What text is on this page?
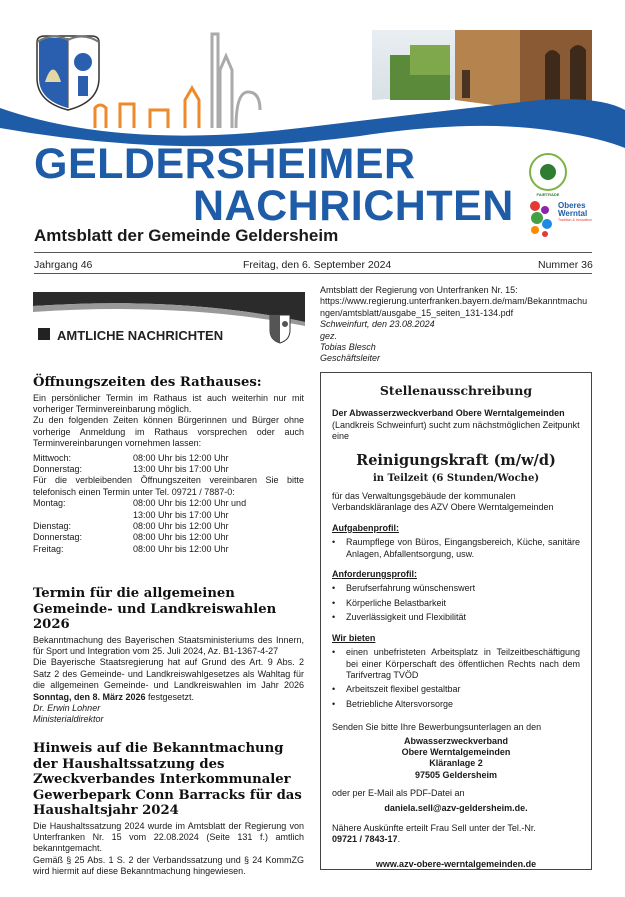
FAIRTRADE
Oberes
Werntal
Tradition & Innovation
GELDERSHEIMER
NACHRICHTEN
Amtsblatt der Gemeinde Geldersheim
Jahrgang 46	Freitag, den 6. September 2024	Nummer 36
AMTLICHE NACHRICHTEN
Öffnungszeiten des Rathauses:

Ein persönlicher Termin im Rathaus ist auch weiterhin nur mit vorheriger Terminvereinbarung möglich.

Zu den folgenden Zeiten können Bürgerinnen und Bürger ohne vorherige Anmeldung im Rathaus vorsprechen oder auch Terminvereinbarungen vornehmen lassen:

Mittwoch:	08:00 Uhr bis 12:00 Uhr
Donnerstag:	13:00 Uhr bis 17:00 Uhr

Für die verbleibenden Öffnungszeiten vereinbaren Sie bitte telefonisch einen Termin unter Tel. 09721 / 7887-0:

Montag:	08:00 Uhr bis 12:00 Uhr und
13:00 Uhr bis 17:00 Uhr
Dienstag:	08:00 Uhr bis 12:00 Uhr
Donnerstag:	08:00 Uhr bis 12:00 Uhr
Freitag:	08:00 Uhr bis 12:00 Uhr
Termin für die allgemeinen Gemeinde- und Landkreiswahlen 2026

Bekanntmachung des Bayerischen Staatsministeriums des Innern, für Sport und Integration vom 25. Juli 2024, Az. B1-1367-4-27

Die Bayerische Staatsregierung hat auf Grund des Art. 9 Abs. 2 Satz 2 des Gemeinde- und Landkreiswahlgesetzes als Wahltag für die allgemeinen Gemeinde- und Landkreiswahlen im Jahr 2026 Sonntag, den 8. März 2026 festgesetzt.

Dr. Erwin Lohner
Ministerialdirektor
Hinweis auf die Bekanntmachung der Haushaltssatzung des Zweckverbandes Interkommunaler Gewerbepark Conn Barracks für das Haushaltsjahr 2024

Die Haushaltssatzung 2024 wurde im Amtsblatt der Regierung von Unterfranken Nr. 15 vom 22.08.2024 (Seite 131 f.) amtlich bekanntgemacht.

Gemäß § 25 Abs. 1 S. 2 der Verbandssatzung und § 24 KommZG wird hiermit auf diese Bekanntmachung hingewiesen.

Amtsblatt der Regierung von Unterfranken Nr. 15:
https://www.regierung.unterfranken.bayern.de/mam/Bekanntmachungen/amtsblatt/ausgabe_15_seiten_131-134.pdf
Schweinfurt, den 23.08.2024
gez.
Tobias Blesch
Geschäftsleiter
Stellenausschreibung
Der Abwasserzweckverband Obere Werntalgemeinden
(Landkreis Schweinfurt) sucht zum nächstmöglichen Zeitpunkt eine
Reinigungskraft (m/w/d)
in Teilzeit (6 Stunden/Woche)
für das Verwaltungsgebäude der kommunalen Verbandskläranlage des AZV Obere Werntalgemeinden
Aufgabenprofil:
•	Raumpflege von Büros, Eingangsbereich, Küche, sanitäre Anlagen, Abfallentsorgung, usw.
Anforderungsprofil:
•	Berufserfahrung wünschenswert
•	Körperliche Belastbarkeit
•	Zuverlässigkeit und Flexibilität
Wir bieten
•	einen unbefristeten Arbeitsplatz in Teilzeitbeschäftigung bei einer Körperschaft des öffentlichen Rechts nach dem Tarifvertrag TVÖD
•	Arbeitszeit flexibel gestaltbar
•	Betriebliche Altersvorsorge
Senden Sie bitte Ihre Bewerbungsunterlagen an den
Abwasserzweckverband
Obere Werntalgemeinden
Kläranlage 2
97505 Geldersheim
oder per E-Mail als PDF-Datei an
daniela.sell@azv-geldersheim.de.
Nähere Auskünfte erteilt Frau Sell unter der Tel.-Nr.
09721 / 7843-17.
www.azv-obere-werntalgemeinden.de
